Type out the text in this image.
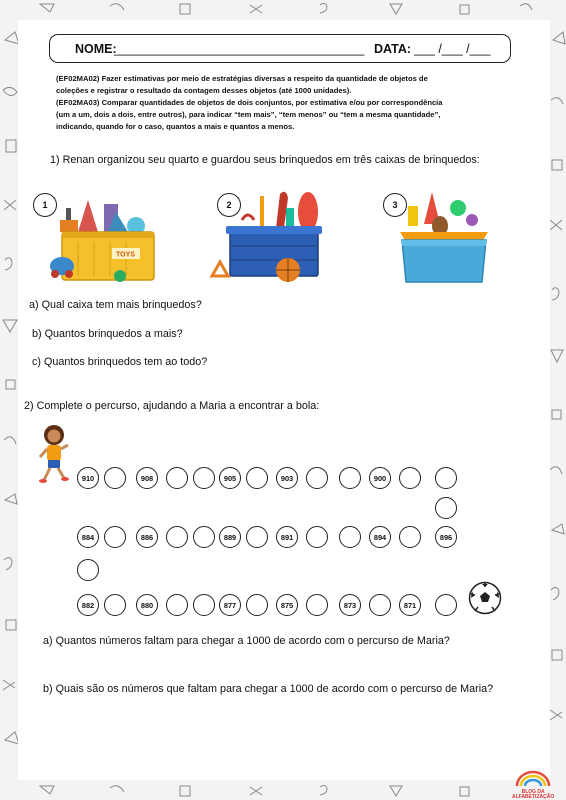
NOME:
____________________________________ DATA: ___ /___ /___
(EF02MA02) Fazer estimativas por meio de estratégias diversas a respeito da quantidade de objetos de
coleções e registrar o resultado da contagem desses objetos (até 1000 unidades).
(EF02MA03) Comparar quantidades de objetos de dois conjuntos, por estimativa e/ou por correspondência
(um a um, dois a dois, entre outros), para indicar “tem mais”, “tem menos” ou “tem a mesma quantidade”,
indicando, quando for o caso, quantos a mais e quantos a menos.
1) Renan organizou seu quarto e guardou seus brinquedos em três caixas de brinquedos:
1
TOYS
2	3
a) Qual caixa tem mais brinquedos?
b) Quantos brinquedos a mais?
c) Quantos brinquedos tem ao todo?
2) Complete o percurso, ajudando a Maria a encontrar a bola:
910	908	905	903	900
884	886	889	891	894	896
882	880	877	875	873	871
a) Quantos números faltam para chegar a 1000 de acordo com o percurso de Maria?
b) Quais são os números que faltam para chegar a 1000 de acordo com o percurso de Maria?
BLOG DA
ALFABETIZAÇÃO
